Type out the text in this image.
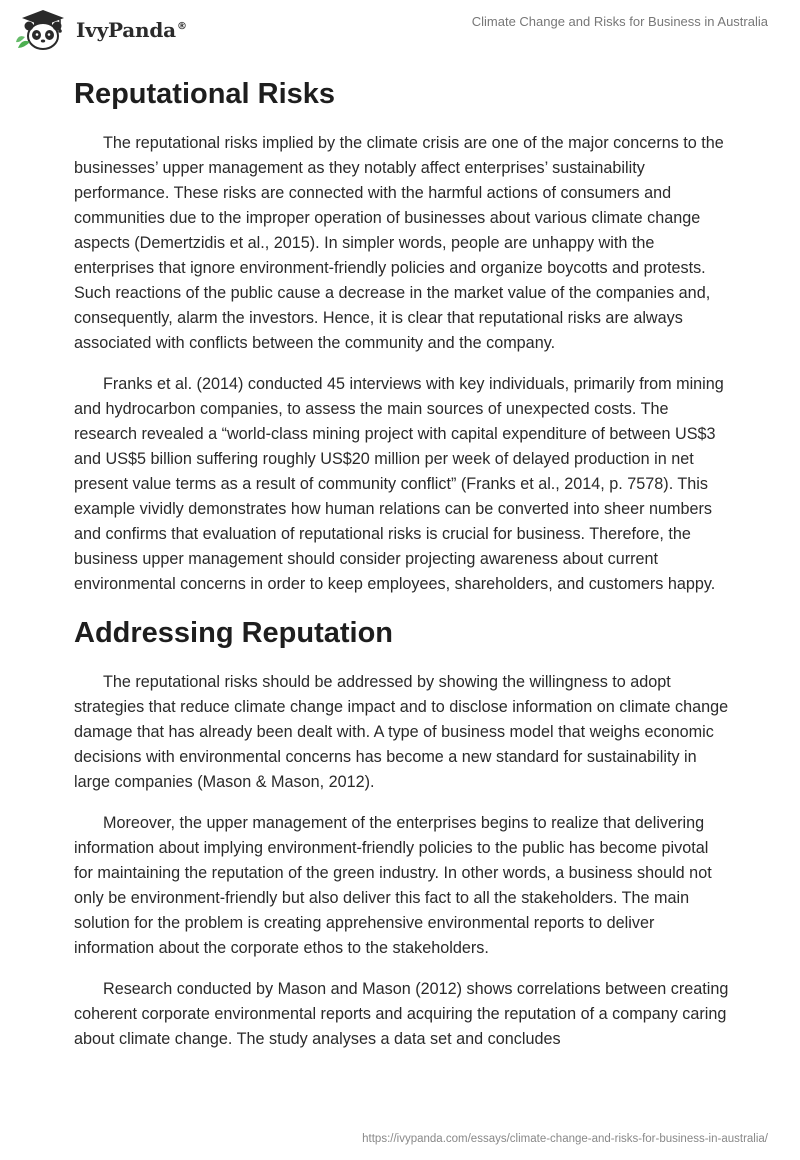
IvyPanda®	Climate Change and Risks for Business in Australia
Reputational Risks

The reputational risks implied by the climate crisis are one of the major concerns to the businesses’ upper management as they notably affect enterprises’ sustainability performance. These risks are connected with the harmful actions of consumers and communities due to the improper operation of businesses about various climate change aspects (Demertzidis et al., 2015). In simpler words, people are unhappy with the enterprises that ignore environment-friendly policies and organize boycotts and protests. Such reactions of the public cause a decrease in the market value of the companies and, consequently, alarm the investors. Hence, it is clear that reputational risks are always associated with conflicts between the community and the company.

Franks et al. (2014) conducted 45 interviews with key individuals, primarily from mining and hydrocarbon companies, to assess the main sources of unexpected costs. The research revealed a “world-class mining project with capital expenditure of between US$3 and US$5 billion suffering roughly US$20 million per week of delayed production in net present value terms as a result of community conflict” (Franks et al., 2014, p. 7578). This example vividly demonstrates how human relations can be converted into sheer numbers and confirms that evaluation of reputational risks is crucial for business. Therefore, the business upper management should consider projecting awareness about current environmental concerns in order to keep employees, shareholders, and customers happy.

Addressing Reputation

The reputational risks should be addressed by showing the willingness to adopt strategies that reduce climate change impact and to disclose information on climate change damage that has already been dealt with. A type of business model that weighs economic decisions with environmental concerns has become a new standard for sustainability in large companies (Mason & Mason, 2012).

Moreover, the upper management of the enterprises begins to realize that delivering information about implying environment-friendly policies to the public has become pivotal for maintaining the reputation of the green industry. In other words, a business should not only be environment-friendly but also deliver this fact to all the stakeholders. The main solution for the problem is creating apprehensive environmental reports to deliver information about the corporate ethos to the stakeholders.

Research conducted by Mason and Mason (2012) shows correlations between creating coherent corporate environmental reports and acquiring the reputation of a company caring about climate change. The study analyses a data set and concludes

https://ivypanda.com/essays/climate-change-and-risks-for-business-in-australia/
